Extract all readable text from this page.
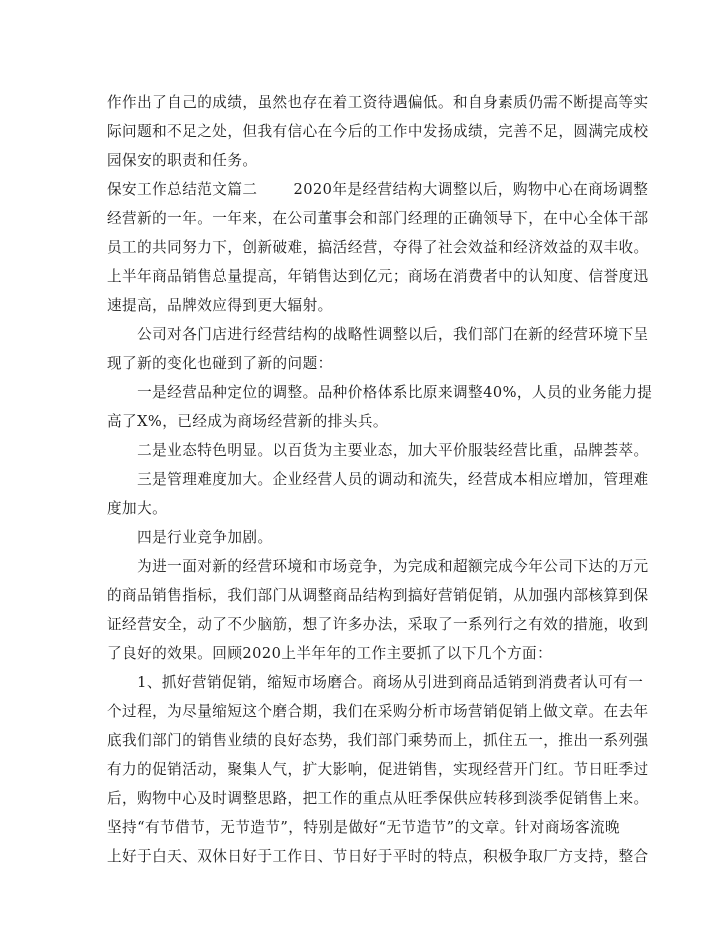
作作出了自己的成绩，虽然也存在着工资待遇偏低。和自身素质仍需不断提高等实
际问题和不足之处，但我有信心在今后的工作中发扬成绩，完善不足，圆满完成校
园保安的职责和任务。
保安工作总结范文篇二 2020年是经营结构大调整以后，购物中心在商场调整
经营新的一年。一年来，在公司董事会和部门经理的正确领导下，在中心全体干部
员工的共同努力下，创新破难，搞活经营，夺得了社会效益和经济效益的双丰收。
上半年商品销售总量提高，年销售达到亿元；商场在消费者中的认知度、信誉度迅
速提高，品牌效应得到更大辐射。
　　公司对各门店进行经营结构的战略性调整以后，我们部门在新的经营环境下呈
现了新的变化也碰到了新的问题：
　　一是经营品种定位的调整。品种价格体系比原来调整40%，人员的业务能力提
高了X%，已经成为商场经营新的排头兵。
　　二是业态特色明显。以百货为主要业态，加大平价服装经营比重，品牌荟萃。
　　三是管理难度加大。企业经营人员的调动和流失，经营成本相应增加，管理难
度加大。
　　四是行业竞争加剧。
　　为进一面对新的经营环境和市场竞争，为完成和超额完成今年公司下达的万元
的商品销售指标，我们部门从调整商品结构到搞好营销促销，从加强内部核算到保
证经营安全，动了不少脑筋，想了许多办法，采取了一系列行之有效的措施，收到
了良好的效果。回顾2020上半年年的工作主要抓了以下几个方面：
　　1、抓好营销促销，缩短市场磨合。商场从引进到商品适销到消费者认可有一
个过程，为尽量缩短这个磨合期，我们在采购分析市场营销促销上做文章。在去年
底我们部门的销售业绩的良好态势，我们部门乘势而上，抓住五一，推出一系列强
有力的促销活动，聚集人气，扩大影响，促进销售，实现经营开门红。节日旺季过
后，购物中心及时调整思路，把工作的重点从旺季保供应转移到淡季促销售上来。
坚持“有节借节，无节造节”，特别是做好“无节造节”的文章。针对商场客流晚
上好于白天、双休日好于工作日、节日好于平时的特点，积极争取厂方支持，整合
